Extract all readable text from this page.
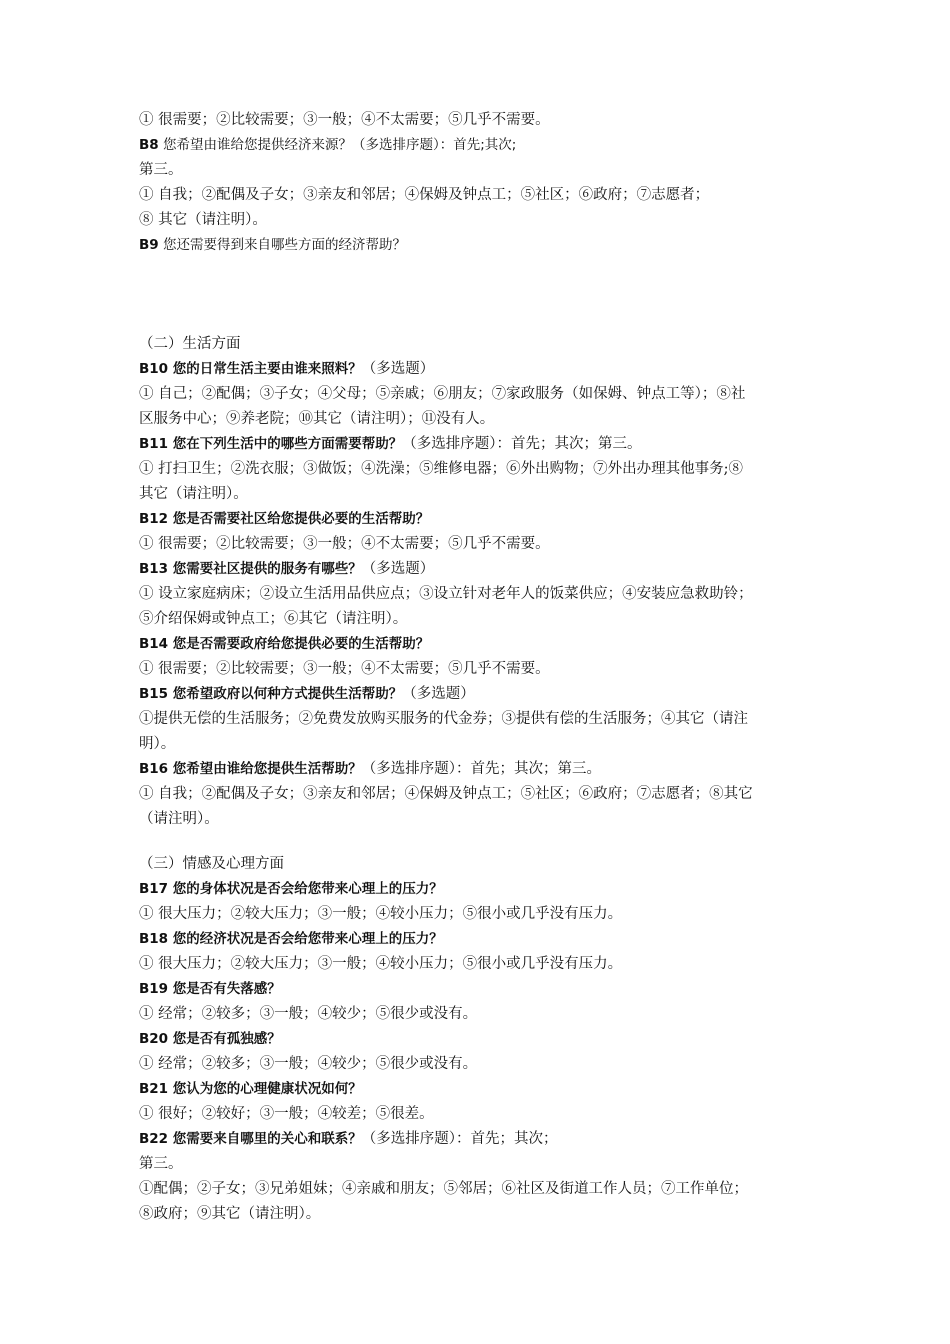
① 很需要；②比较需要；③一般；④不太需要；⑤几乎不需要。
B8 您希望由谁给您提供经济来源？（多选排序题）：首先;其次;
第三。
① 自我；②配偶及子女；③亲友和邻居；④保姆及钟点工；⑤社区；⑥政府；⑦志愿者；
⑧ 其它（请注明）。
B9 您还需要得到来自哪些方面的经济帮助？
（二）生活方面
B10 您的日常生活主要由谁来照料？（多选题）
① 自己；②配偶；③子女；④父母；⑤亲戚；⑥朋友；⑦家政服务（如保姆、钟点工等）；⑧社
区服务中心；⑨养老院；⑩其它（请注明）；⑪没有人。
B11 您在下列生活中的哪些方面需要帮助？（多选排序题）：首先；其次；第三。
① 打扫卫生；②洗衣服；③做饭；④洗澡；⑤维修电器；⑥外出购物；⑦外出办理其他事务;⑧
其它（请注明）。
B12 您是否需要社区给您提供必要的生活帮助？
① 很需要；②比较需要；③一般；④不太需要；⑤几乎不需要。
B13 您需要社区提供的服务有哪些？（多选题）
① 设立家庭病床；②设立生活用品供应点；③设立针对老年人的饭菜供应；④安装应急救助铃；
⑤介绍保姆或钟点工；⑥其它（请注明）。
B14 您是否需要政府给您提供必要的生活帮助？
① 很需要；②比较需要；③一般；④不太需要；⑤几乎不需要。
B15 您希望政府以何种方式提供生活帮助？（多选题）
①提供无偿的生活服务；②免费发放购买服务的代金券；③提供有偿的生活服务；④其它（请注
明）。
B16 您希望由谁给您提供生活帮助？（多选排序题）：首先；其次；第三。
① 自我；②配偶及子女；③亲友和邻居；④保姆及钟点工；⑤社区；⑥政府；⑦志愿者；⑧其它
（请注明）。
（三）情感及心理方面
B17 您的身体状况是否会给您带来心理上的压力？
① 很大压力；②较大压力；③一般；④较小压力；⑤很小或几乎没有压力。
B18 您的经济状况是否会给您带来心理上的压力？
① 很大压力；②较大压力；③一般；④较小压力；⑤很小或几乎没有压力。
B19 您是否有失落感？
① 经常；②较多；③一般；④较少；⑤很少或没有。
B20 您是否有孤独感？
① 经常；②较多；③一般；④较少；⑤很少或没有。
B21 您认为您的心理健康状况如何？
① 很好；②较好；③一般；④较差；⑤很差。
B22 您需要来自哪里的关心和联系？（多选排序题）：首先；其次；
第三。
①配偶；②子女；③兄弟姐妹；④亲戚和朋友；⑤邻居；⑥社区及街道工作人员；⑦工作单位；
⑧政府；⑨其它（请注明）。
